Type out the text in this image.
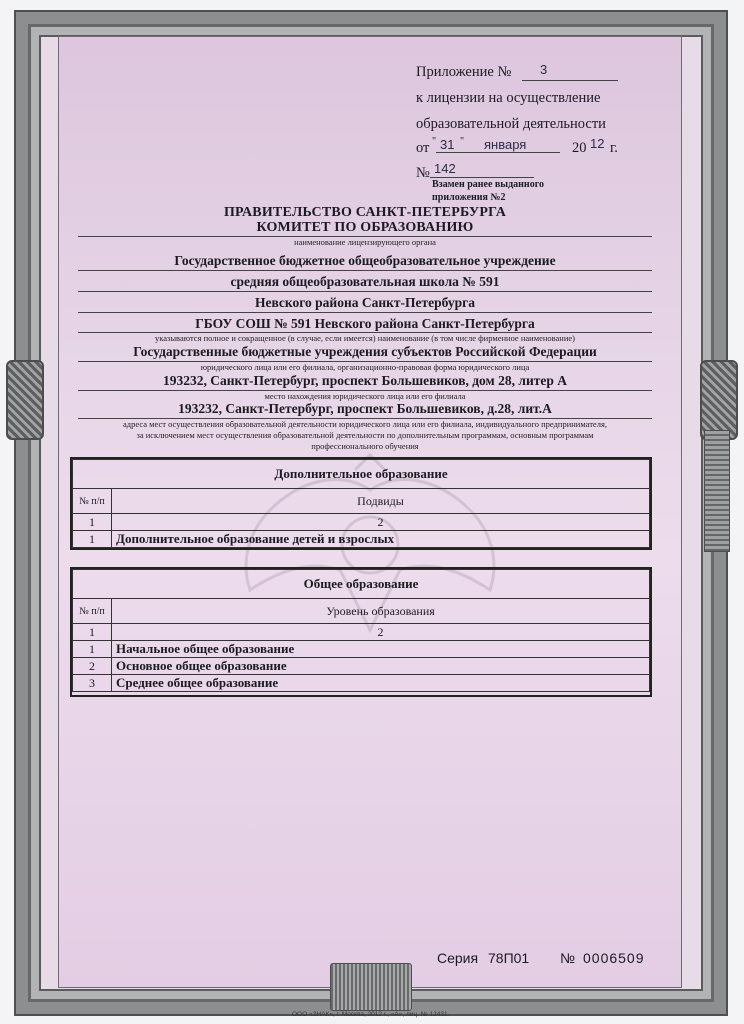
Приложение № 3
к лицензии на осуществление
образовательной деятельности
от " 31 " января	20 12 г.
№ 142
Взамен ранее выданного
приложения №2
ПРАВИТЕЛЬСТВО САНКТ-ПЕТЕРБУРГА
КОМИТЕТ ПО ОБРАЗОВАНИЮ
наименование лицензирующего органа
Государственное бюджетное общеобразовательное учреждение
средняя общеобразовательная школа № 591
Невского района Санкт-Петербурга
ГБОУ СОШ № 591 Невского района Санкт-Петербурга
указываются полное и сокращенное (в случае, если имеется) наименование (в том числе фирменное наименование)
Государственные бюджетные учреждения субъектов Российской Федерации
юридического лица или его филиала, организационно-правовая форма юридического лица
193232, Санкт-Петербург, проспект Большевиков, дом 28, литер А
место нахождения юридического лица или его филиала
193232, Санкт-Петербург, проспект Большевиков, д.28, лит.А
адреса мест осуществления образовательной деятельности юридического лица или его филиала, индивидуального предпринимателя,
за исключением мест осуществления образовательной деятельности по дополнительным программам, основным программам
профессионального обучения
Дополнительное образование	
№ п/п	Подвиды
1	2
1	Дополнительное образование детей и взрослых
Общее образование	
№ п/п	Уровень образования
1	2
1	Начальное общее образование
2	Основное общее образование
3	Среднее общее образование
Серия 78П01 № 0006509
ООО «ЗНАК», г. Москва, 2012 г., «А», лиц. № 12431.
